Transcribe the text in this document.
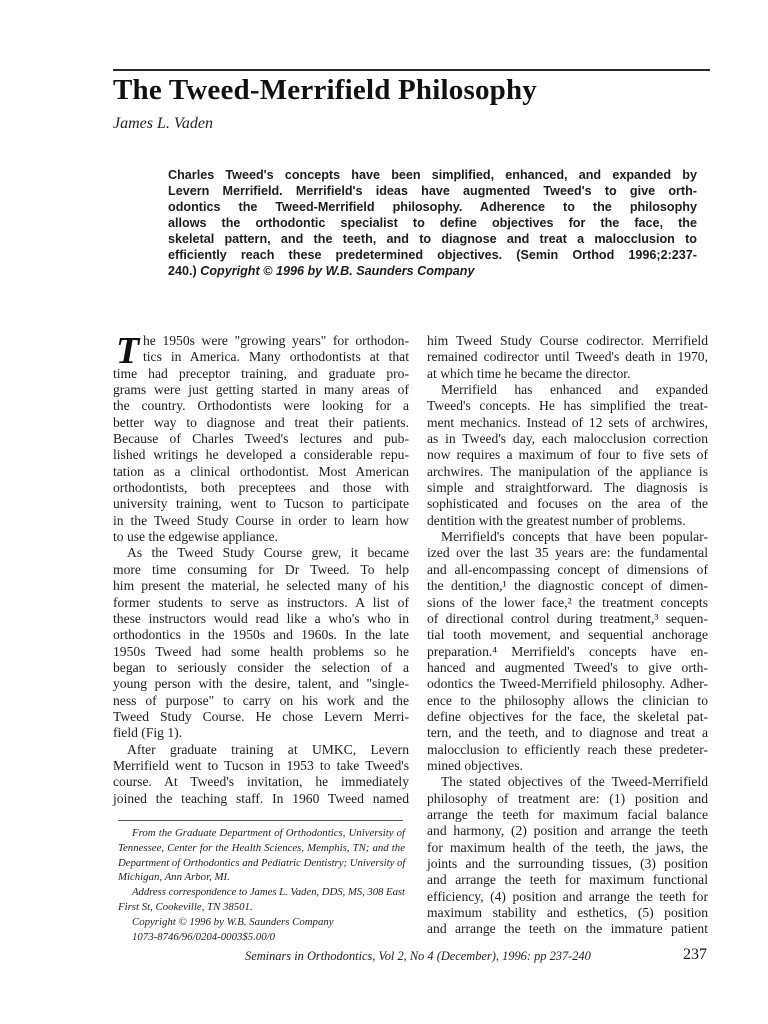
The Tweed-Merrifield Philosophy
James L. Vaden
Charles Tweed's concepts have been simplified, enhanced, and expanded by
Levern Merrifield. Merrifield's ideas have augmented Tweed's to give orth-
odontics the Tweed-Merrifield philosophy. Adherence to the philosophy
allows the orthodontic specialist to define objectives for the face, the
skeletal pattern, and the teeth, and to diagnose and treat a malocclusion to
efficiently reach these predetermined objectives. (Semin Orthod 1996;2:237-
240.) Copyright © 1996 by W.B. Saunders Company
T he 1950s were "growing years" for orthodon-
tics in America. Many orthodontists at that
time had preceptor training, and graduate pro-
grams were just getting started in many areas of
the country. Orthodontists were looking for a
better way to diagnose and treat their patients.
Because of Charles Tweed's lectures and pub-
lished writings he developed a considerable repu-
tation as a clinical orthodontist. Most American
orthodontists, both preceptees and those with
university training, went to Tucson to participate
in the Tweed Study Course in order to learn how
to use the edgewise appliance.
As the Tweed Study Course grew, it became
more time consuming for Dr Tweed. To help
him present the material, he selected many of his
former students to serve as instructors. A list of
these instructors would read like a who's who in
orthodontics in the 1950s and 1960s. In the late
1950s Tweed had some health problems so he
began to seriously consider the selection of a
young person with the desire, talent, and "single-
ness of purpose" to carry on his work and the
Tweed Study Course. He chose Levern Merri-
field (Fig 1).
After graduate training at UMKC, Levern
Merrifield went to Tucson in 1953 to take Tweed's
course. At Tweed's invitation, he immediately
joined the teaching staff. In 1960 Tweed named
him Tweed Study Course codirector. Merrifield
remained codirector until Tweed's death in 1970,
at which time he became the director.
Merrifield has enhanced and expanded
Tweed's concepts. He has simplified the treat-
ment mechanics. Instead of 12 sets of archwires,
as in Tweed's day, each malocclusion correction
now requires a maximum of four to five sets of
archwires. The manipulation of the appliance is
simple and straightforward. The diagnosis is
sophisticated and focuses on the area of the
dentition with the greatest number of problems.
Merrifield's concepts that have been popular-
ized over the last 35 years are: the fundamental
and all-encompassing concept of dimensions of
the dentition,¹ the diagnostic concept of dimen-
sions of the lower face,² the treatment concepts
of directional control during treatment,³ sequen-
tial tooth movement, and sequential anchorage
preparation.⁴ Merrifield's concepts have en-
hanced and augmented Tweed's to give orth-
odontics the Tweed-Merrifield philosophy. Adher-
ence to the philosophy allows the clinician to
define objectives for the face, the skeletal pat-
tern, and the teeth, and to diagnose and treat a
malocclusion to efficiently reach these predeter-
mined objectives.
The stated objectives of the Tweed-Merrifield
philosophy of treatment are: (1) position and
arrange the teeth for maximum facial balance
and harmony, (2) position and arrange the teeth
for maximum health of the teeth, the jaws, the
joints and the surrounding tissues, (3) position
and arrange the teeth for maximum functional
efficiency, (4) position and arrange the teeth for
maximum stability and esthetics, (5) position
and arrange the teeth on the immature patient
From the Graduate Department of Orthodontics, University of
Tennessee, Center for the Health Sciences, Memphis, TN; and the
Department of Orthodontics and Pediatric Dentistry; University of
Michigan, Ann Arbor, MI.
Address correspondence to James L. Vaden, DDS, MS, 308 East
First St, Cookeville, TN 38501.
Copyright © 1996 by W.B. Saunders Company
1073-8746/96/0204-0003$5.00/0
Seminars in Orthodontics, Vol 2, No 4 (December), 1996: pp 237-240	237
